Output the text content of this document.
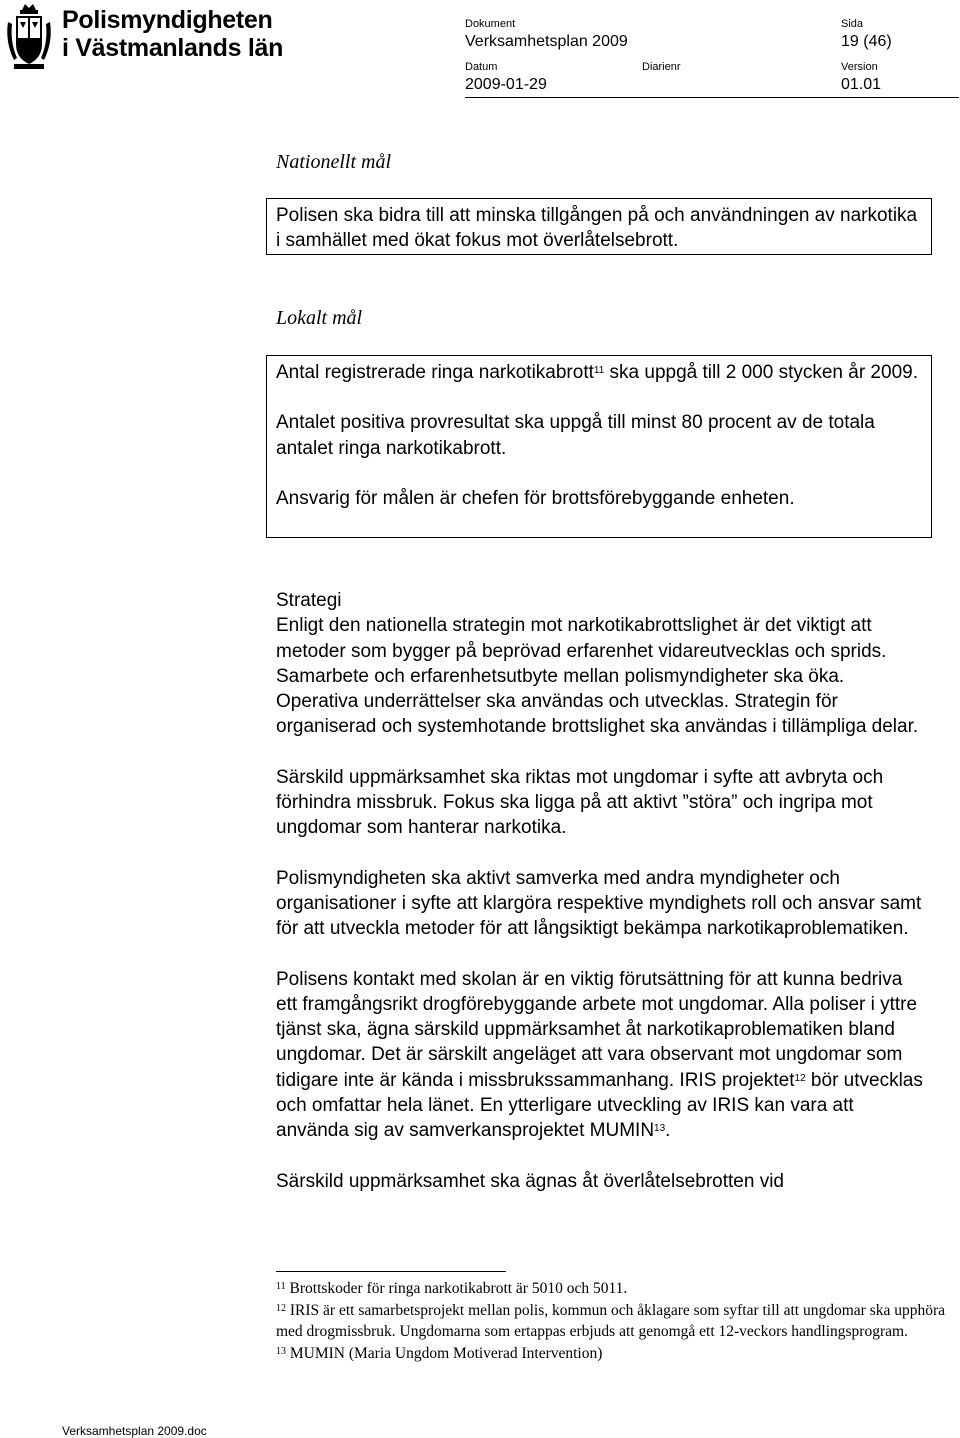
Polismyndigheten
i Västmanlands län
Dokument
Verksamhetsplan 2009
Sida
19 (46)
Datum
2009-01-29
Diarienr	Version
01.01
Nationellt mål

Polisen ska bidra till att minska tillgången på och användningen av narkotika i samhället med ökat fokus mot överlåtelsebrott.

Lokalt mål

Antal registrerade ringa narkotikabrott$^{11}$ ska uppgå till 2 000 stycken år 2009.

Antalet positiva provresultat ska uppgå till minst 80 procent av de totala antalet ringa narkotikabrott.

Ansvarig för målen är chefen för brottsförebyggande enheten.

Strategi

Enligt den nationella strategin mot narkotikabrottslighet är det viktigt att metoder som bygger på beprövad erfarenhet vidareutvecklas och sprids. Samarbete och erfarenhetsutbyte mellan polismyndigheter ska öka. Operativa underrättelser ska användas och utvecklas. Strategin för organiserad och systemhotande brottslighet ska användas i tillämpliga delar.

Särskild uppmärksamhet ska riktas mot ungdomar i syfte att avbryta och förhindra missbruk. Fokus ska ligga på att aktivt ”störa” och ingripa mot ungdomar som hanterar narkotika.

Polismyndigheten ska aktivt samverka med andra myndigheter och organisationer i syfte att klargöra respektive myndighets roll och ansvar samt för att utveckla metoder för att långsiktigt bekämpa narkotikaproblematiken.

Polisens kontakt med skolan är en viktig förutsättning för att kunna bedriva ett framgångsrikt drogförebyggande arbete mot ungdomar. Alla poliser i yttre tjänst ska, ägna särskild uppmärksamhet åt narkotikaproblematiken bland ungdomar. Det är särskilt angeläget att vara observant mot ungdomar som tidigare inte är kända i missbrukssammanhang. IRIS projektet$^{12}$ bör utvecklas och omfattar hela länet. En ytterligare utveckling av IRIS kan vara att använda sig av samverkansprojektet MUMIN$^{13}$.

Särskild uppmärksamhet ska ägnas åt överlåtelsebrotten vid

$^{11}$ Brottskoder för ringa narkotikabrott är 5010 och 5011.

$^{12}$ IRIS är ett samarbetsprojekt mellan polis, kommun och åklagare som syftar till att ungdomar ska upphöra med drogmissbruk. Ungdomarna som ertappas erbjuds att genomgå ett 12-veckors handlingsprogram.

$^{13}$ MUMIN (Maria Ungdom Motiverad Intervention)

Verksamhetsplan 2009.doc
